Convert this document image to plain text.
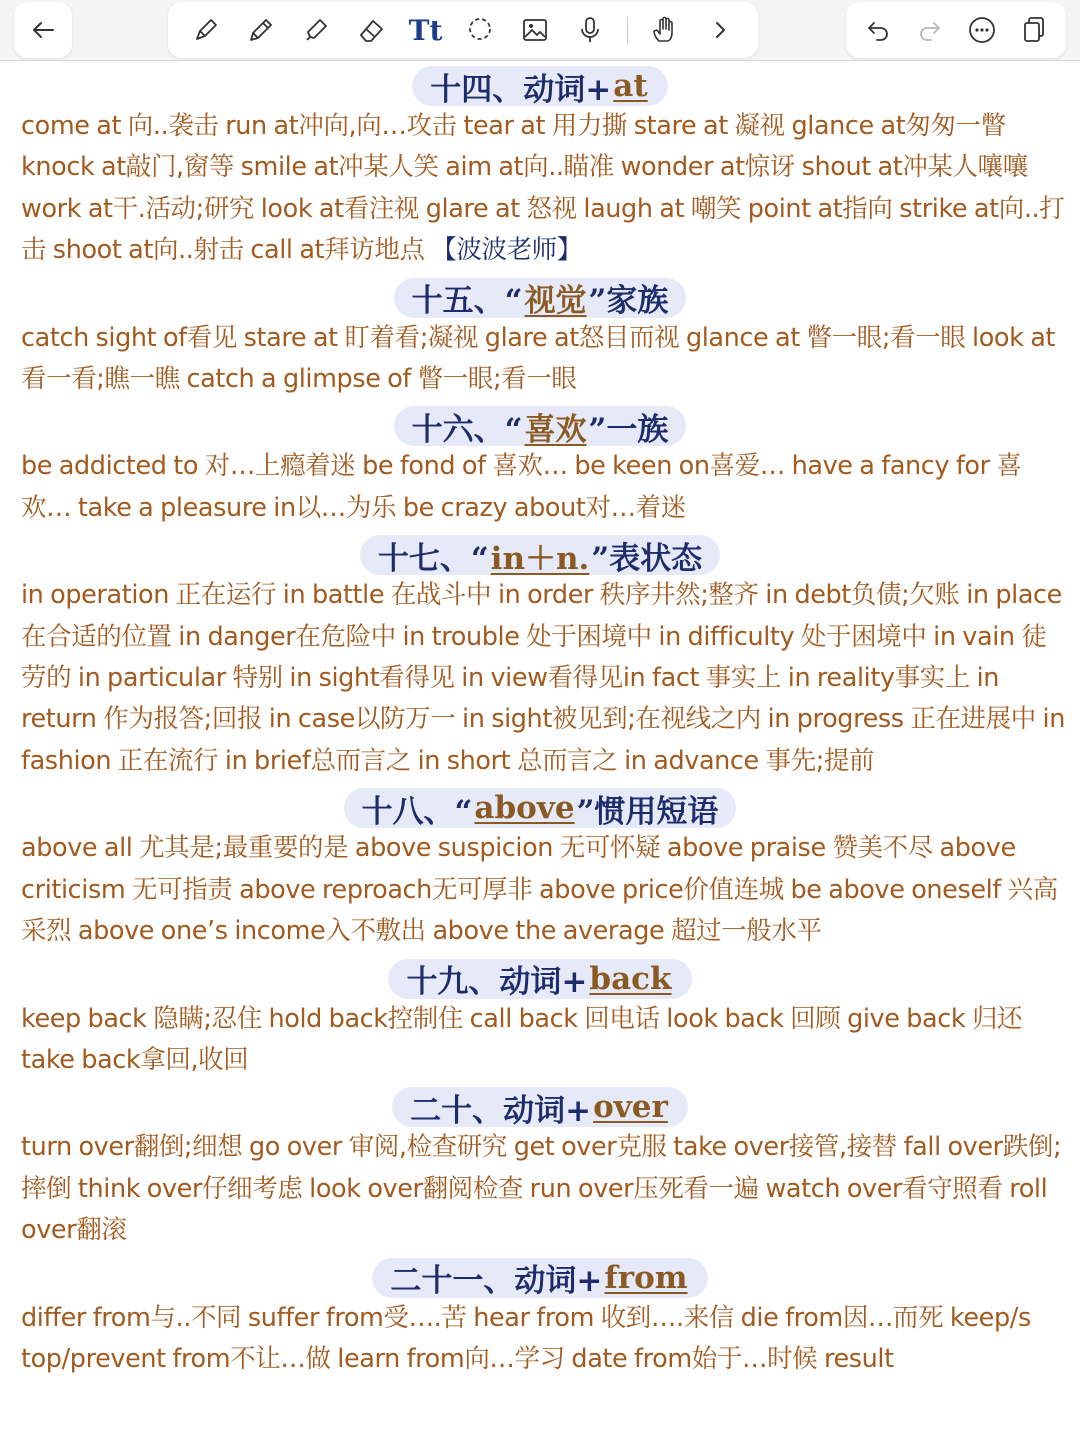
Tt
十四、动词+ at

come at 向..袭击 run at冲向,向…攻击 tear at 用力撕 stare at 凝视 glance at匆匆一瞥 knock at敲门,窗等 smile at冲某人笑 aim at向..瞄准 wonder at惊讶 shout at冲某人嚷嚷 work at干.活动;研究 look at看注视 glare at 怒视 laugh at 嘲笑 point at指向 strike at向..打击 shoot at向..射击 call at拜访地点 【波波老师】

十五、“ 视觉 ”家族

catch sight of看见 stare at 盯着看;凝视 glare at怒目而视 glance at 瞥一眼;看一眼 look at 看一看;瞧一瞧 catch a glimpse of 瞥一眼;看一眼

十六、“ 喜欢 ”一族

be addicted to 对…上瘾着迷 be fond of 喜欢… be keen on喜爱… have a fancy for 喜欢… take a pleasure in以…为乐 be crazy about对…着迷

十七、“ in＋n. ”表状态

in operation 正在运行 in battle 在战斗中 in order 秩序井然;整齐 in debt负债;欠账 in place 在合适的位置 in danger在危险中 in trouble 处于困境中 in difficulty 处于困境中 in vain 徒劳的 in particular 特别 in sight看得见 in view看得见in fact 事实上 in reality事实上 in return 作为报答;回报 in case以防万一 in sight被见到;在视线之内 in progress 正在进展中 in fashion 正在流行 in brief总而言之 in short 总而言之 in advance 事先;提前

十八、“ above ”惯用短语

above all 尤其是;最重要的是 above suspicion 无可怀疑 above praise 赞美不尽 above criticism 无可指责 above reproach无可厚非 above price价值连城 be above oneself 兴高采烈 above one’s income入不敷出 above the average 超过一般水平

十九、动词+ back

keep back 隐瞒;忍住 hold back控制住 call back 回电话 look back 回顾 give back 归还 take back拿回,收回

二十、动词+ over

turn over翻倒;细想 go over 审阅,检查研究 get over克服 take over接管,接替 fall over跌倒;摔倒 think over仔细考虑 look over翻阅检查 run over压死看一遍 watch over看守照看 roll over翻滚

二十一、动词+ from

differ from与..不同 suffer from受….苦 hear from 收到….来信 die from因…而死 keep/s top/prevent from不让…做 learn from向…学习 date from始于…时候 result
